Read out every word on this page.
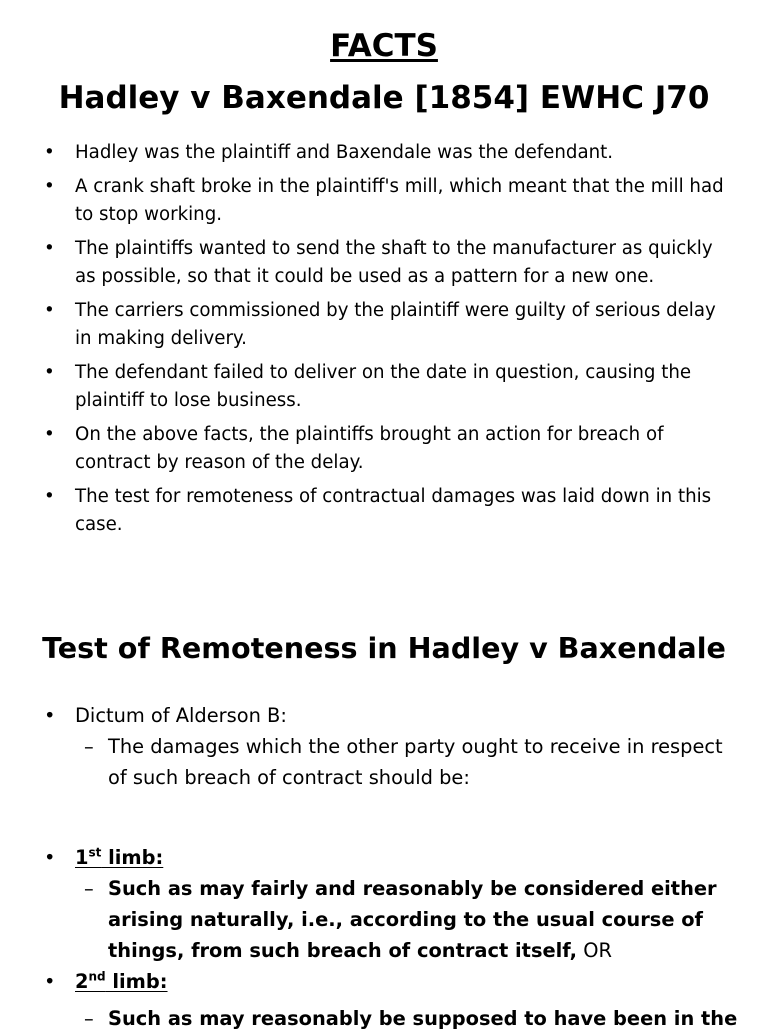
FACTS
Hadley v Baxendale [1854] EWHC J70
•	Hadley was the plaintiff and Baxendale was the defendant.
•	A crank shaft broke in the plaintiff's mill, which meant that the mill had to stop working.
•	The plaintiffs wanted to send the shaft to the manufacturer as quickly as possible, so that it could be used as a pattern for a new one.
•	The carriers commissioned by the plaintiff were guilty of serious delay in making delivery.
•	The defendant failed to deliver on the date in question, causing the plaintiff to lose business.
•	On the above facts, the plaintiffs brought an action for breach of contract by reason of the delay.
•	The test for remoteness of contractual damages was laid down in this case.
Test of Remoteness in Hadley v Baxendale
•	Dictum of Alderson B:
– The damages which the other party ought to receive in respect of such breach of contract should be:
•	1st limb:
– Such as may fairly and reasonably be considered either arising naturally, i.e., according to the usual course of things, from such breach of contract itself, OR
•	2nd limb:
– Such as may reasonably be supposed to have been in the
